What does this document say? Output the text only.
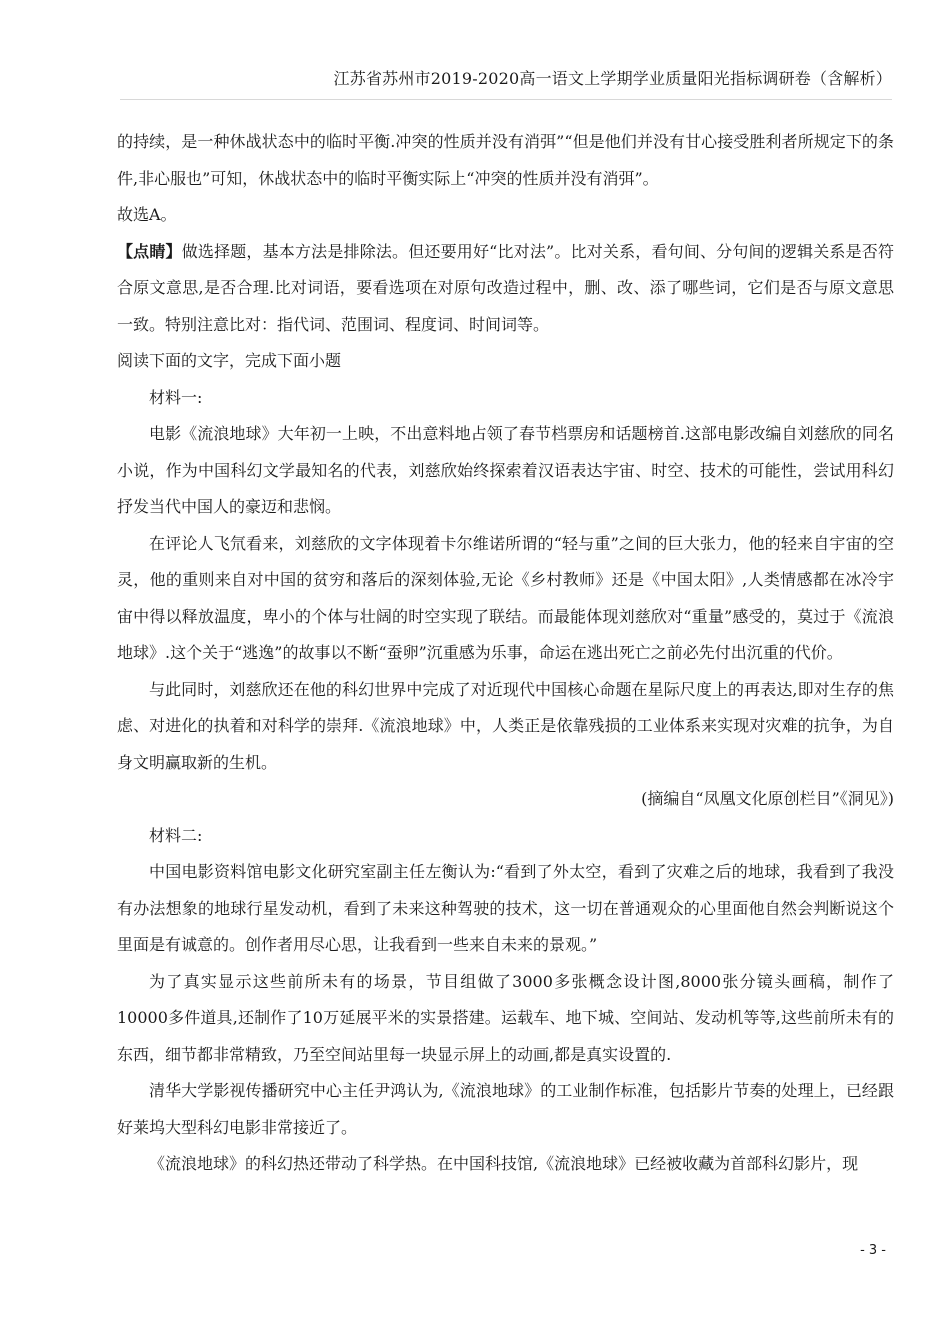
江苏省苏州市2019-2020高一语文上学期学业质量阳光指标调研卷（含解析）

的持续，是一种休战状态中的临时平衡.冲突的性质并没有消弭”“但是他们并没有甘心接受胜利者所规定下的条件,非心服也”可知，休战状态中的临时平衡实际上“冲突的性质并没有消弭”。

故选A。

【点睛】做选择题，基本方法是排除法。但还要用好“比对法”。比对关系，看句间、分句间的逻辑关系是否符合原文意思,是否合理.比对词语，要看选项在对原句改造过程中，删、改、添了哪些词，它们是否与原文意思一致。特别注意比对：指代词、范围词、程度词、时间词等。

阅读下面的文字，完成下面小题

材料一:

电影《流浪地球》大年初一上映，不出意料地占领了春节档票房和话题榜首.这部电影改编自刘慈欣的同名小说，作为中国科幻文学最知名的代表，刘慈欣始终探索着汉语表达宇宙、时空、技术的可能性，尝试用科幻抒发当代中国人的豪迈和悲悯。

在评论人飞氘看来，刘慈欣的文字体现着卡尔维诺所谓的“轻与重”之间的巨大张力，他的轻来自宇宙的空灵，他的重则来自对中国的贫穷和落后的深刻体验,无论《乡村教师》还是《中国太阳》,人类情感都在冰冷宇宙中得以释放温度，卑小的个体与壮阔的时空实现了联结。而最能体现刘慈欣对“重量”感受的，莫过于《流浪地球》.这个关于“逃逸”的故事以不断“蚕卵”沉重感为乐事，命运在逃出死亡之前必先付出沉重的代价。

与此同时，刘慈欣还在他的科幻世界中完成了对近现代中国核心命题在星际尺度上的再表达,即对生存的焦虑、对进化的执着和对科学的崇拜.《流浪地球》中，人类正是依靠残损的工业体系来实现对灾难的抗争，为自身文明赢取新的生机。

(摘编自“凤凰文化原创栏目”《洞见》)

材料二:

中国电影资料馆电影文化研究室副主任左衡认为:“看到了外太空，看到了灾难之后的地球，我看到了我没有办法想象的地球行星发动机，看到了未来这种驾驶的技术，这一切在普通观众的心里面他自然会判断说这个里面是有诚意的。创作者用尽心思，让我看到一些来自未来的景观。”

为了真实显示这些前所未有的场景，节目组做了3000多张概念设计图,8000张分镜头画稿，制作了10000多件道具,还制作了10万延展平米的实景搭建。运载车、地下城、空间站、发动机等等,这些前所未有的东西，细节都非常精致，乃至空间站里每一块显示屏上的动画,都是真实设置的.

清华大学影视传播研究中心主任尹鸿认为,《流浪地球》的工业制作标准，包括影片节奏的处理上，已经跟好莱坞大型科幻电影非常接近了。

《流浪地球》的科幻热还带动了科学热。在中国科技馆,《流浪地球》已经被收藏为首部科幻影片，现

- 3 -
